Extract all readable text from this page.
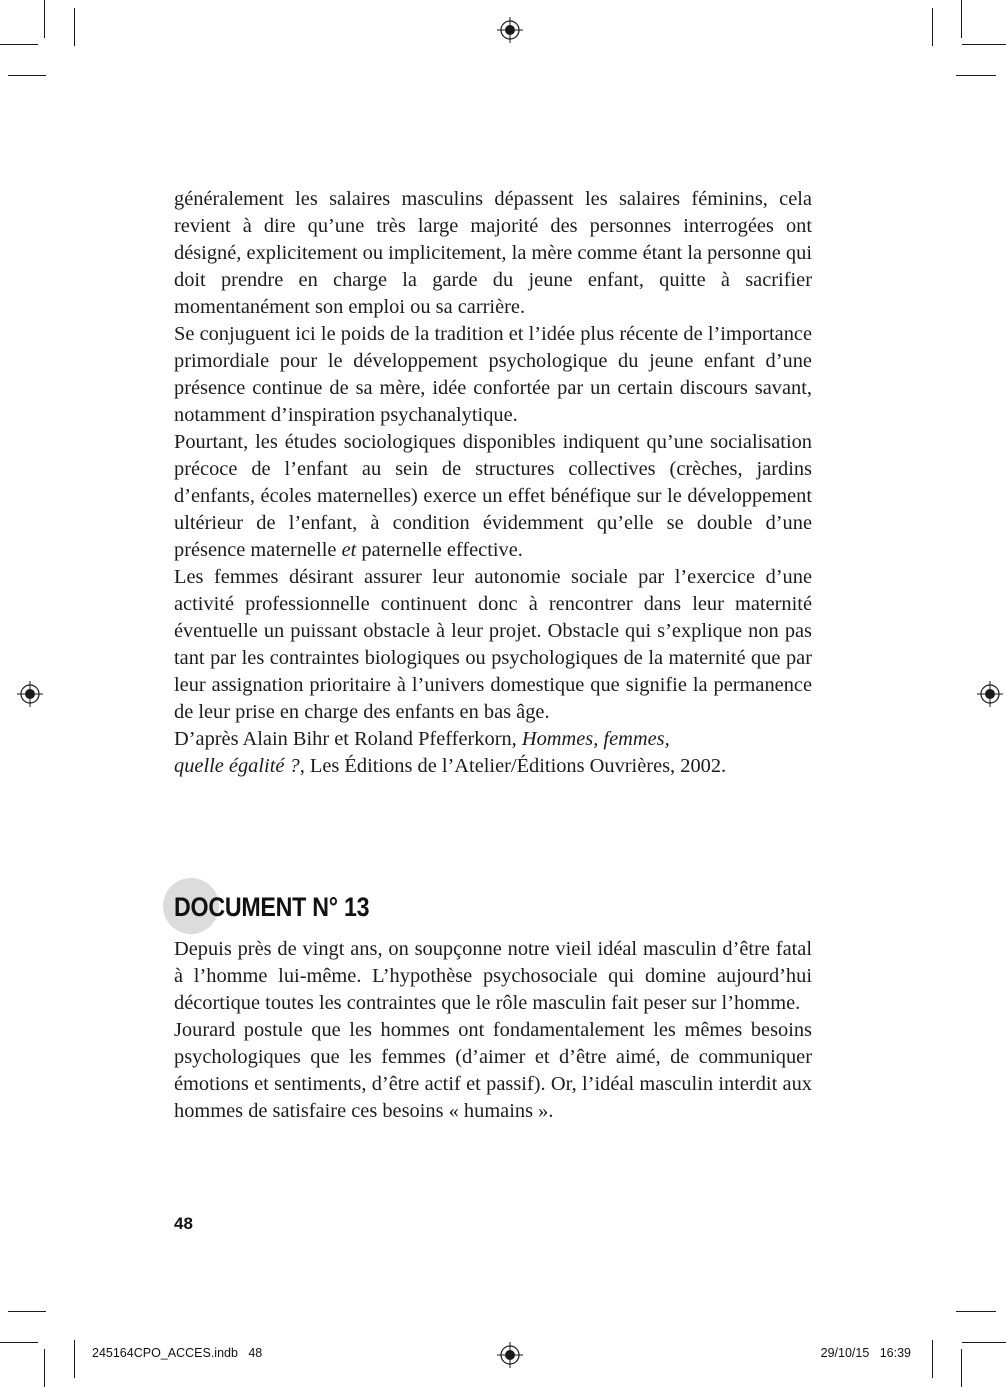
généralement les salaires masculins dépassent les salaires féminins, cela revient à dire qu’une très large majorité des personnes interrogées ont désigné, explicitement ou implicitement, la mère comme étant la personne qui doit prendre en charge la garde du jeune enfant, quitte à sacrifier momentanément son emploi ou sa carrière.

Se conjuguent ici le poids de la tradition et l’idée plus récente de l’importance primordiale pour le développement psychologique du jeune enfant d’une présence continue de sa mère, idée confortée par un certain discours savant, notamment d’inspiration psychanalytique.

Pourtant, les études sociologiques disponibles indiquent qu’une socialisation précoce de l’enfant au sein de structures collectives (crèches, jardins d’enfants, écoles maternelles) exerce un effet bénéfique sur le développement ultérieur de l’enfant, à condition évidemment qu’elle se double d’une présence maternelle et paternelle effective.

Les femmes désirant assurer leur autonomie sociale par l’exercice d’une activité professionnelle continuent donc à rencontrer dans leur maternité éventuelle un puissant obstacle à leur projet. Obstacle qui s’explique non pas tant par les contraintes biologiques ou psychologiques de la maternité que par leur assignation prioritaire à l’univers domestique que signifie la permanence de leur prise en charge des enfants en bas âge.

D’après Alain Bihr et Roland Pfefferkorn, Hommes, femmes,
quelle égalité ?, Les Éditions de l’Atelier/Éditions Ouvrières, 2002.

DOCUMENT N° 13

Depuis près de vingt ans, on soupçonne notre vieil idéal masculin d’être fatal à l’homme lui-même. L’hypothèse psychosociale qui domine aujourd’hui décortique toutes les contraintes que le rôle masculin fait peser sur l’homme.

Jourard postule que les hommes ont fondamentalement les mêmes besoins psychologiques que les femmes (d’aimer et d’être aimé, de communiquer émotions et sentiments, d’être actif et passif). Or, l’idéal masculin interdit aux hommes de satisfaire ces besoins « humains ».

48
245164CPO_ACCES.indb   48	29/10/15   16:39
